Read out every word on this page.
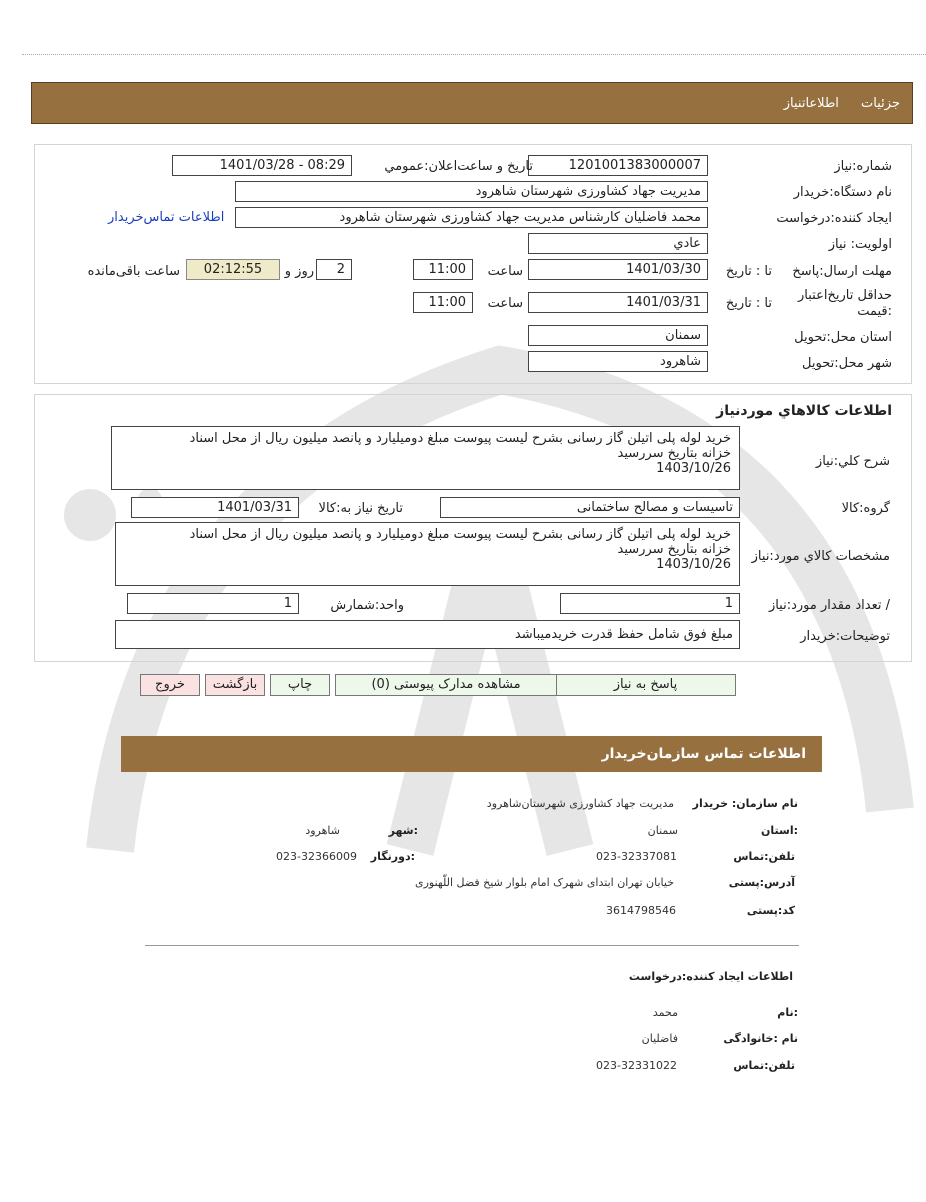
جزئیات اطلاعاتنیاز
شماره:نیاز
1201001383000007
تاریخ و ساعت‌اعلان:عمومي
1401/03/28 - 08:29
نام دستگاه:خریدار
مدیریت جهاد کشاورزی شهرستان شاهرود
ایجاد کننده:درخواست
محمد فاضلیان کارشناس مدیریت جهاد کشاورزی شهرستان شاهرود
اطلاعات تماس‌خریدار
اولویت: نیاز
عادي
مهلت ارسال:پاسخ
تا : تاریخ
1401/03/30
ساعت
11:00
2
روز و
02:12:55
ساعت باقی‌مانده
حداقل تاریخ‌اعتبار
:قیمت
تا : تاریخ
1401/03/31
ساعت
11:00
استان محل:تحویل
سمنان
شهر محل:تحویل
شاهرود
اطلاعات کالاهاي موردنیاز
شرح کلي:نیاز
خرید لوله پلی اتیلن گاز رسانی بشرح لیست پیوست مبلغ دومیلیارد و پانصد میلیون ریال از محل اسناد
خزانه بتاریخ سررسید
1403/10/26
گروه:کالا
تاسیسات و مصالح ساختمانی
تاریخ نیاز به:کالا
1401/03/31
مشخصات کالاي مورد:نیاز
خرید لوله پلی اتیلن گاز رسانی بشرح لیست پیوست مبلغ دومیلیارد و پانصد میلیون ریال از محل اسناد
خزانه بتاریخ سررسید
1403/10/26
/ تعداد مقدار مورد:نیاز
1
واحد:شمارش
1
توضیحات:خریدار
مبلغ فوق شامل حفظ قدرت خریدمیباشد
پاسخ به نیاز
مشاهده مدارک پیوستی (0)
چاپ
بازگشت
خروج
اطلاعات تماس سازمان‌خریدار
نام سازمان: خریدار
مدیریت جهاد کشاورزی شهرستان‌شاهرود
:استان
سمنان
:شهر
شاهرود
تلفن:تماس
023-32337081
:دورنگار
023-32366009
آدرس:پستی
خیابان تهران ابتدای شهرک امام بلوار شیخ فضل اللّهنوری
کد:پستی
3614798546
اطلاعات ایجاد کننده:درخواست
:نام
محمد
نام :خانوادگی
فاضلیان
تلفن:تماس
023-32331022
